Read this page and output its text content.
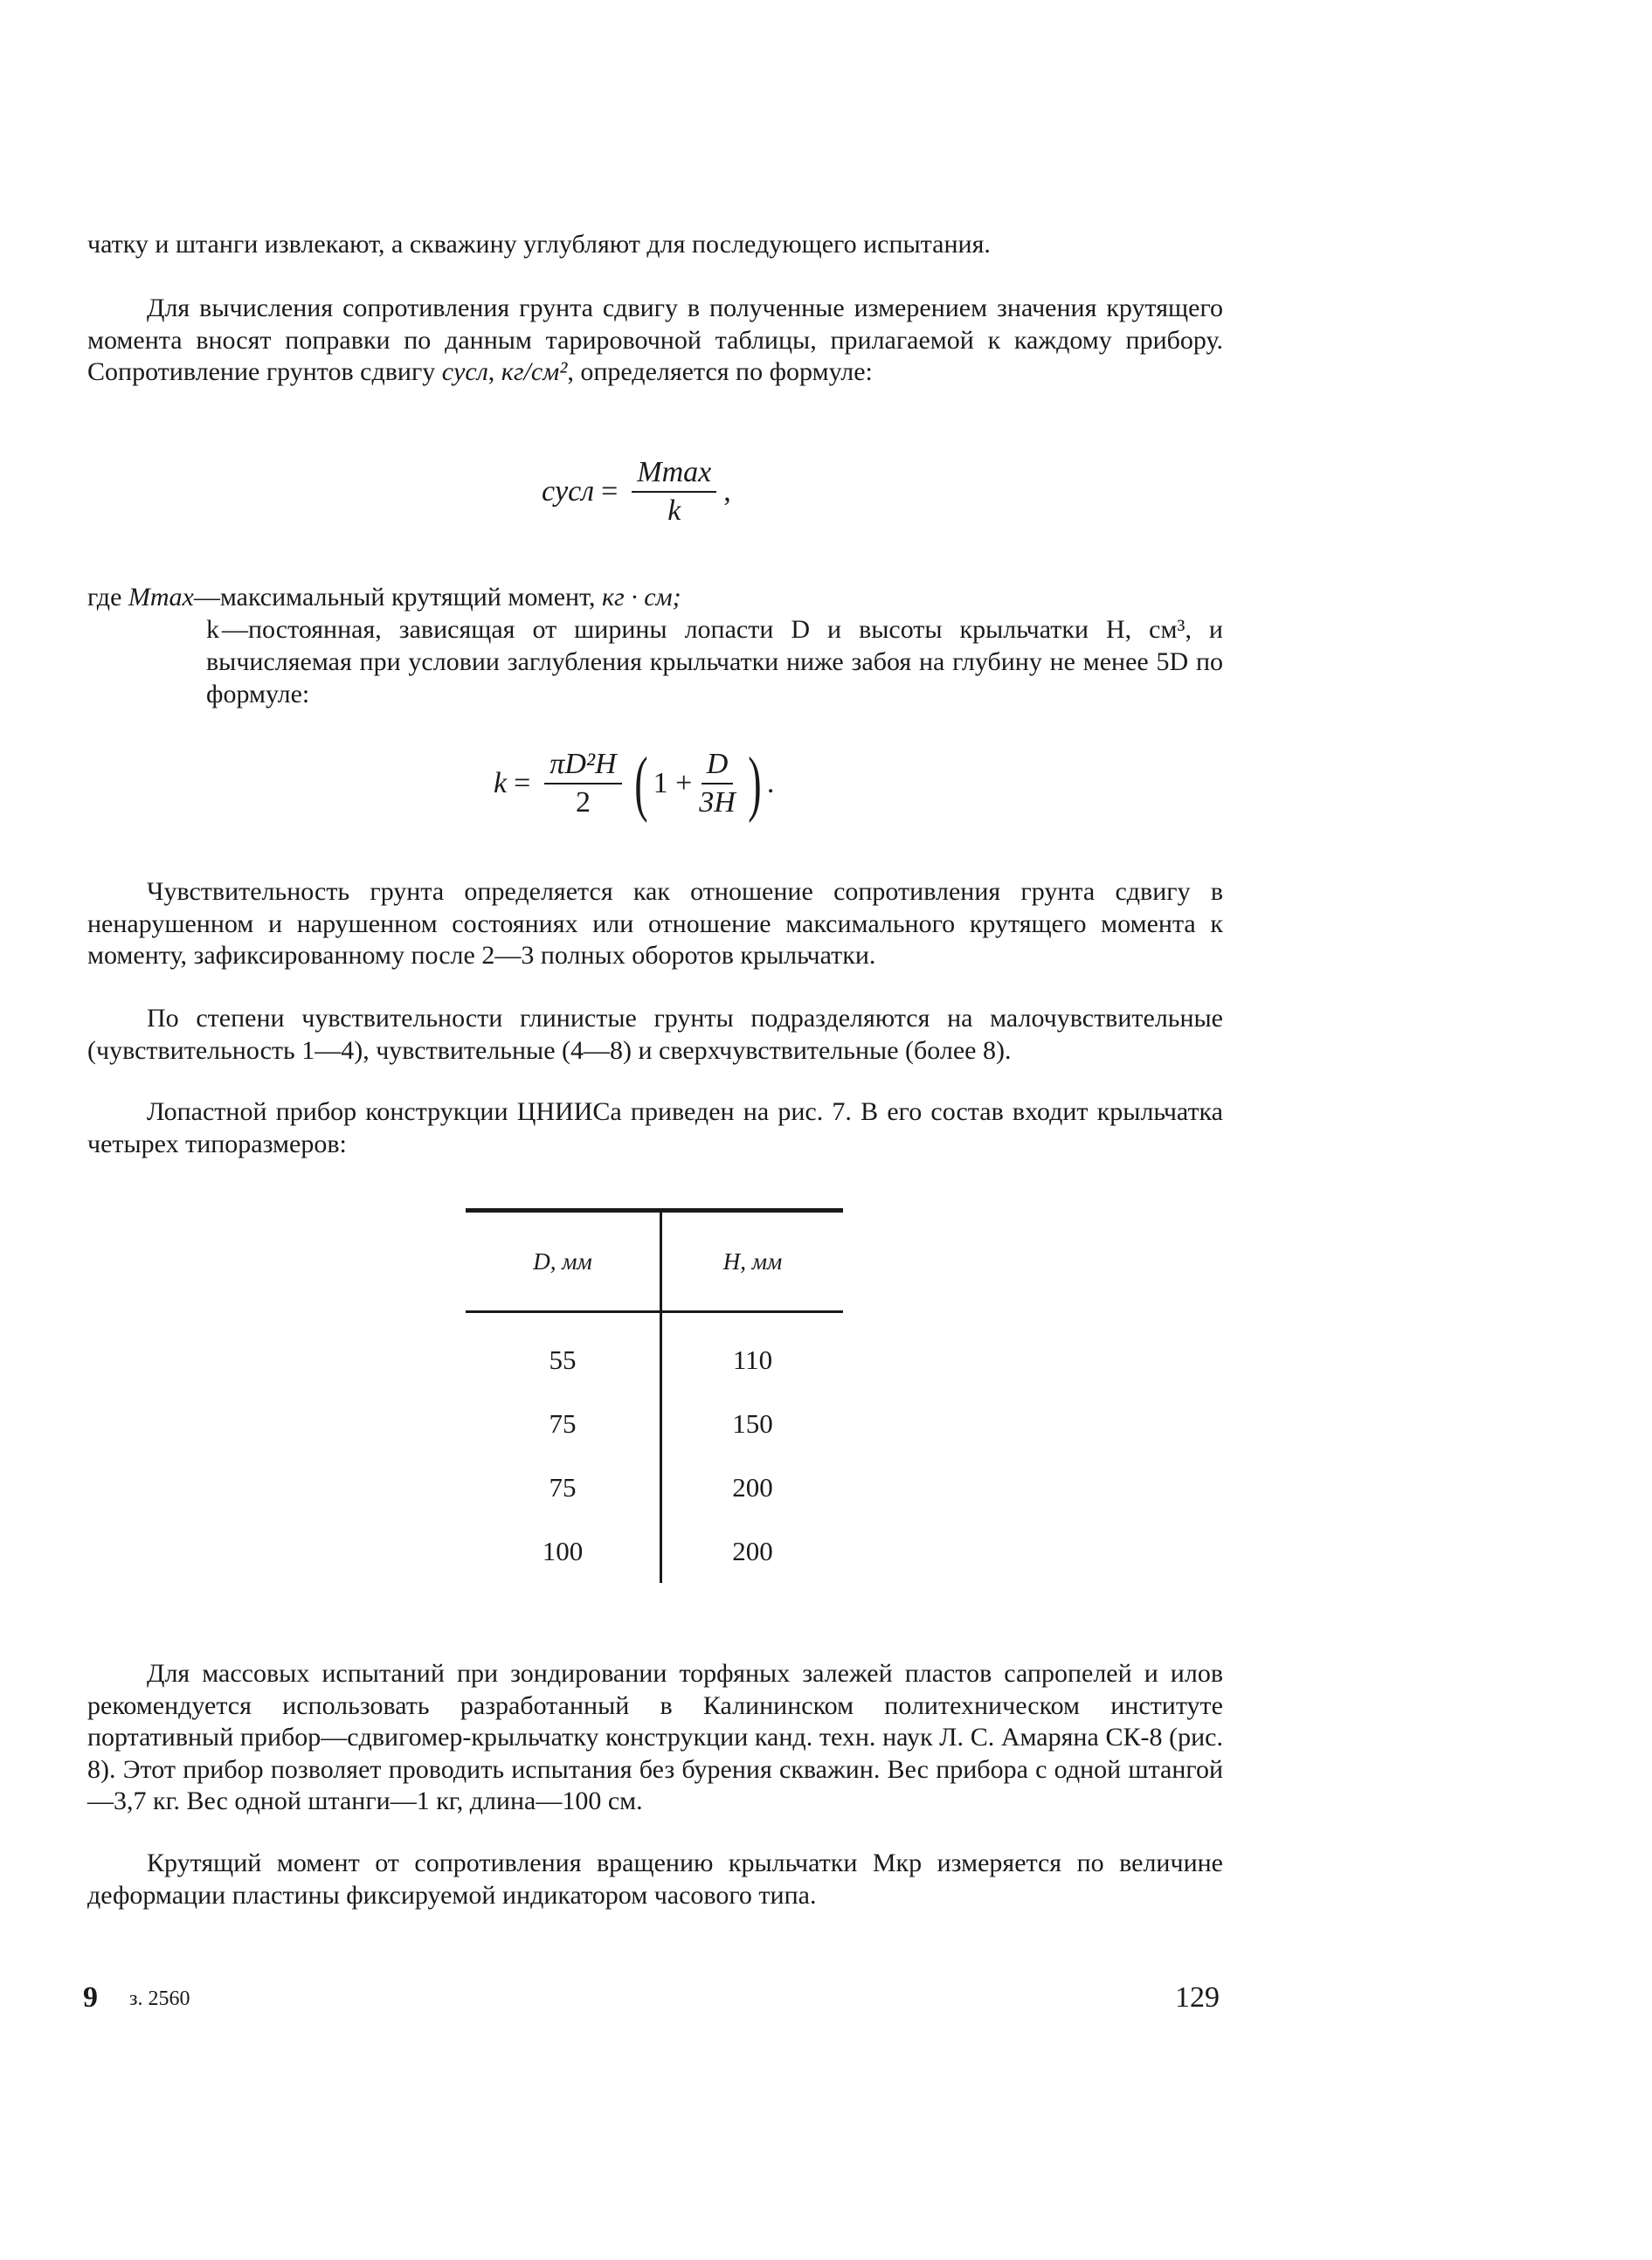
чатку и штанги извлекают, а скважину углубляют для последующего испытания.

Для вычисления сопротивления грунта сдвигу в полученные измерением значения крутящего момента вносят поправки по данным тарировочной таблицы, прилагаемой к каждому прибору. Сопротивление грунтов сдвигу cусл, кг/см², определяется по формуле:

cусл = $\frac{Mmax}{k}$ ,
где Mmax—максимальный крутящий момент, кг · см;
k —постоянная, зависящая от ширины лопасти D и высоты крыльчатки H, см³, и вычисляемая при условии заглубления крыльчатки ниже забоя на глубину не менее 5D по формуле:

$k = \frac{\text{πD²H}}{2}$ ( $1 + \frac{D}{3H}$ ) .

Чувствительность грунта определяется как отношение сопротивления грунта сдвигу в ненарушенном и нарушенном состояниях или отношение максимального крутящего момента к моменту, зафиксированному после 2—3 полных оборотов крыльчатки.

По степени чувствительности глинистые грунты подразделяются на малочувствительные (чувствительность 1—4), чувствительные (4—8) и сверхчувствительные (более 8).

Лопастной прибор конструкции ЦНИИСа приведен на рис. 7. В его состав входит крыльчатка четырех типоразмеров:

D, мм	H, мм
55	110
75	150
75	200
100	200

Для массовых испытаний при зондировании торфяных залежей пластов сапропелей и илов рекомендуется использовать разработанный в Калининском политехническом институте портативный прибор—сдвигомер-крыльчатку конструкции канд. техн. наук Л. С. Амаряна СК-8 (рис. 8). Этот прибор позволяет проводить испытания без бурения скважин. Вес прибора с одной штангой—3,7 кг. Вес одной штанги—1 кг, длина—100 см.

Крутящий момент от сопротивления вращению крыльчатки Mкр измеряется по величине деформации пластины фиксируемой индикатором часового типа.

9 з. 2560	129
